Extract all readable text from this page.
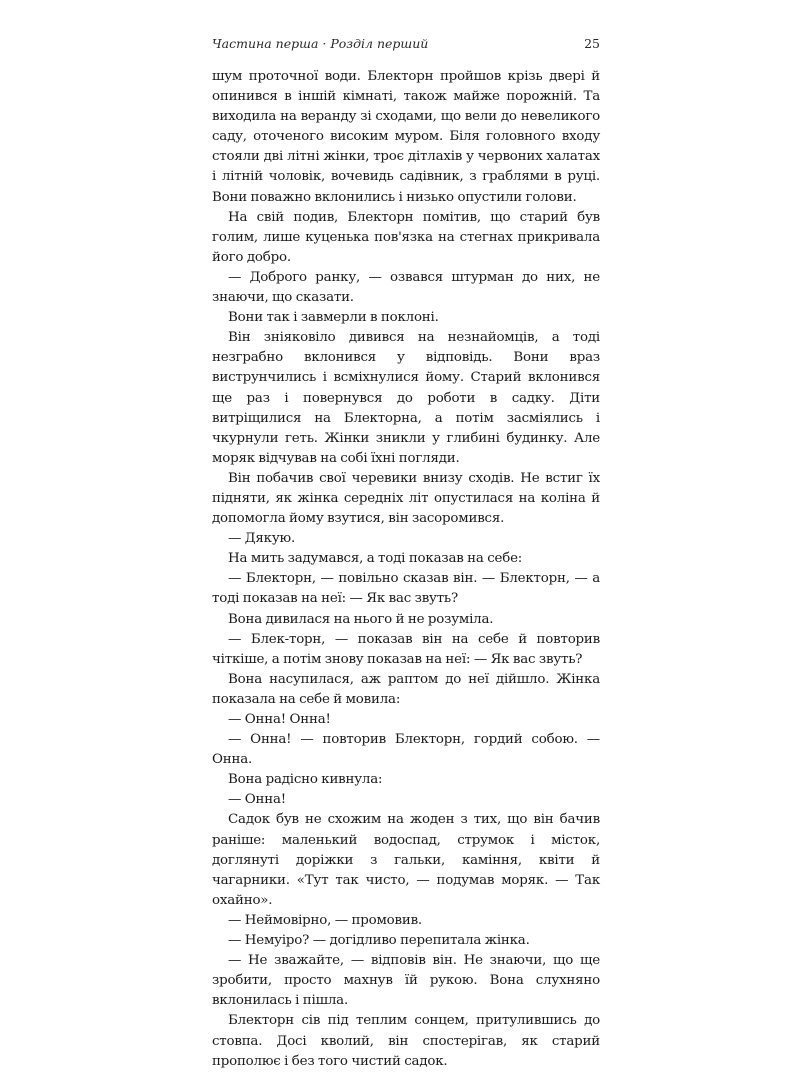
Частина перша · Розділ перший	25

шум проточної води. Блекторн пройшов крізь двері й опинився в іншій кімнаті, також майже порожній. Та виходила на веранду зі сходами, що вели до невеликого саду, оточеного високим муром. Біля головного входу стояли дві літні жінки, троє дітлахів у червоних халатах і літній чоловік, вочевидь садівник, з граблями в руці. Вони поважно вклонились і низько опустили голови.

На свій подив, Блекторн помітив, що старий був голим, лише куценька пов'язка на стегнах прикривала його добро.

— Доброго ранку, — озвався штурман до них, не знаючи, що сказати.

Вони так і завмерли в поклоні.

Він зніяковіло дивився на незнайомців, а тоді незграбно вклонився у відповідь. Вони враз виструнчились і всміхнулися йому. Старий вклонився ще раз і повернувся до роботи в садку. Діти витріщилися на Блекторна, а потім засміялись і чкурнули геть. Жінки зникли у глибині будинку. Але моряк відчував на собі їхні погляди.

Він побачив свої черевики внизу сходів. Не встиг їх підняти, як жінка середніх літ опустилася на коліна й допомогла йому взутися, він засоромився.

— Дякую.

На мить задумався, а тоді показав на себе:

— Блекторн, — повільно сказав він. — Блекторн, — а тоді показав на неї: — Як вас звуть?

Вона дивилася на нього й не розуміла.

— Блек-торн, — показав він на себе й повторив чіткіше, а потім знову показав на неї: — Як вас звуть?

Вона насупилася, аж раптом до неї дійшло. Жінка показала на себе й мовила:

— Онна! Онна!

— Онна! — повторив Блекторн, гордий собою. — Онна.

Вона радісно кивнула:

— Онна!

Садок був не схожим на жоден з тих, що він бачив раніше: маленький водоспад, струмок і місток, доглянуті доріжки з гальки, каміння, квіти й чагарники. «Тут так чисто, — подумав моряк. — Так охайно».

— Неймовірно, — промовив.

— Немуіро? — догідливо перепитала жінка.

— Не зважайте, — відповів він. Не знаючи, що ще зробити, просто махнув їй рукою. Вона слухняно вклонилась і пішла.

Блекторн сів під теплим сонцем, притулившись до стовпа. Досі кволий, він спостерігав, як старий прополює і без того чистий садок.
